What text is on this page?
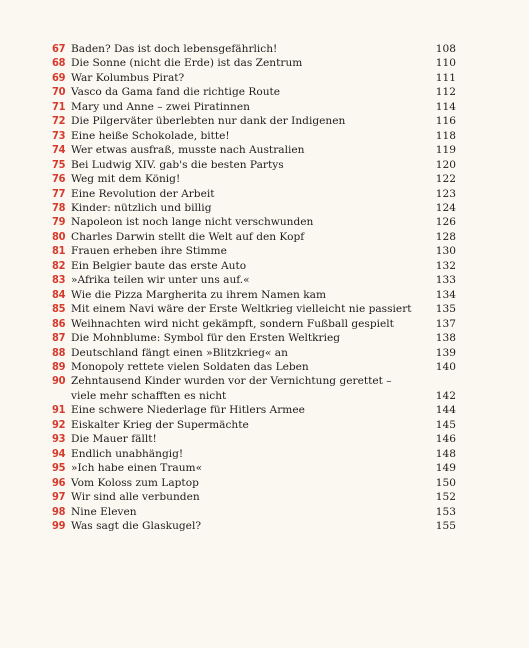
67 Baden? Das ist doch lebensgefährlich!	108
68 Die Sonne (nicht die Erde) ist das Zentrum	110
69 War Kolumbus Pirat?	111
70 Vasco da Gama fand die richtige Route	112
71 Mary und Anne – zwei Piratinnen	114
72 Die Pilgerväter überlebten nur dank der Indigenen	116
73 Eine heiße Schokolade, bitte!	118
74 Wer etwas ausfraß, musste nach Australien	119
75 Bei Ludwig XIV. gab's die besten Partys	120
76 Weg mit dem König!	122
77 Eine Revolution der Arbeit	123
78 Kinder: nützlich und billig	124
79 Napoleon ist noch lange nicht verschwunden	126
80 Charles Darwin stellt die Welt auf den Kopf	128
81 Frauen erheben ihre Stimme	130
82 Ein Belgier baute das erste Auto	132
83 »Afrika teilen wir unter uns auf.«	133
84 Wie die Pizza Margherita zu ihrem Namen kam	134
85 Mit einem Navi wäre der Erste Weltkrieg vielleicht nie passiert	135
86 Weihnachten wird nicht gekämpft, sondern Fußball gespielt	137
87 Die Mohnblume: Symbol für den Ersten Weltkrieg	138
88 Deutschland fängt einen »Blitzkrieg« an	139
89 Monopoly rettete vielen Soldaten das Leben	140
90 Zehntausend Kinder wurden vor der Vernichtung gerettet –
viele mehr schafften es nicht	142
91 Eine schwere Niederlage für Hitlers Armee	144
92 Eiskalter Krieg der Supermächte	145
93 Die Mauer fällt!	146
94 Endlich unabhängig!	148
95 »Ich habe einen Traum«	149
96 Vom Koloss zum Laptop	150
97 Wir sind alle verbunden	152
98 Nine Eleven	153
99 Was sagt die Glaskugel?	155
